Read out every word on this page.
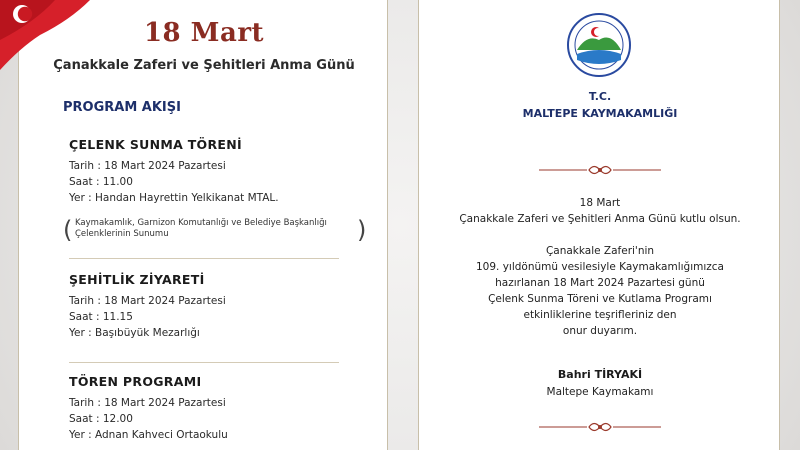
18 Mart
Çanakkale Zaferi ve Şehitleri Anma Günü
PROGRAM AKIŞI
ÇELENK SUNMA TÖRENİ
Tarih : 18 Mart 2024 Pazartesi
Saat : 11.00
Yer : Handan Hayrettin Yelkikanat MTAL.
( Kaymakamlık, Garnizon Komutanlığı ve Belediye Başkanlığı
Çelenklerinin Sunumu	)
ŞEHİTLİK ZİYARETİ
Tarih : 18 Mart 2024 Pazartesi
Saat : 11.15
Yer : Başıbüyük Mezarlığı
TÖREN PROGRAMI
Tarih : 18 Mart 2024 Pazartesi
Saat : 12.00
Yer : Adnan Kahveci Ortaokulu
T.C.
MALTEPE KAYMAKAMLIĞI
18 Mart
Çanakkale Zaferi ve Şehitleri Anma Günü kutlu olsun.
Çanakkale Zaferi'nin
109. yıldönümü vesilesiyle Kaymakamlığımızca
hazırlanan 18 Mart 2024 Pazartesi günü
Çelenk Sunma Töreni ve Kutlama Programı
etkinliklerine teşrifleriniz den
onur duyarım.
Bahri TİRYAKİ
Maltepe Kaymakamı
